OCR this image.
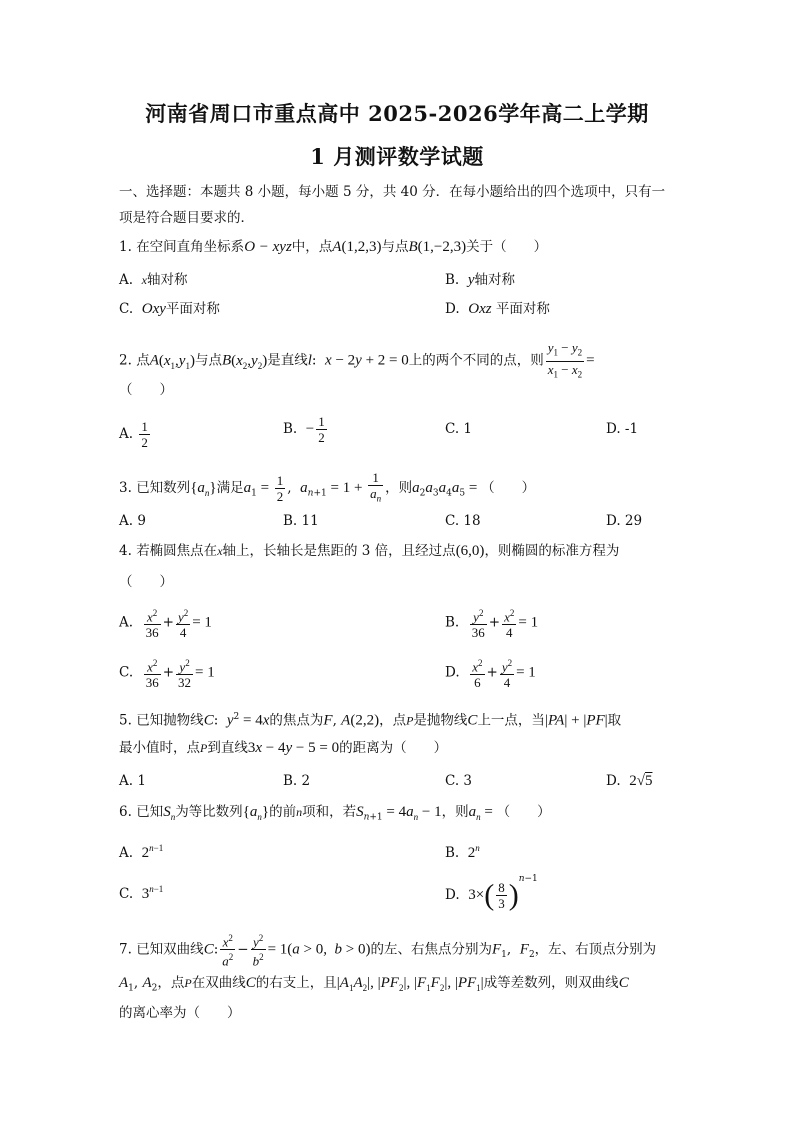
河南省周口市重点高中 2025-2026学年高二上学期
1 月测评数学试题
一、选择题：本题共 8 小题，每小题 5 分，共 40 分．在每小题给出的四个选项中，只有一
项是符合题目要求的．
1. 在空间直角坐标系O − xyz中，点A(1,2,3)与点B(1,−2,3)关于（　　）
A. x轴对称	B. y轴对称
C. Oxy平面对称	D. Oxz 平面对称
2. 点$A(x_1,y_1)$与点$B(x_2,y_2)$是直线l:  x − 2y + 2 = 0上的两个不同的点，则 $\frac{y_1 - y_2}{x_1 - x_2}$ =
（　　）
A. $\frac{1}{2}$	B.  − $\frac{1}{2}$	C. 1	D. -1
3. 已知数列$\{a_n\}$满足$a_1 = \frac{1}{2}$ ,  $a_{n+1} = 1 + \frac{1}{a_n}$ ，则$a_2a_3a_4a_5$ = （　　）
A. 9	B. 11	C. 18	D. 29
4. 若椭圆焦点在x轴上，长轴长是焦距的 3 倍，且经过点(6,0)，则椭圆的标准方程为
（　　）
A. $\frac{x^2}{36} + \frac{y^2}{4} = 1$	B. $\frac{y^2}{36} + \frac{x^2}{4} = 1$
C. $\frac{x^2}{36} + \frac{y^2}{32} = 1$	D. $\frac{x^2}{6} + \frac{y^2}{4} = 1$
5. 已知抛物线C:  $y^2 = 4x$的焦点为F, A(2,2)，点P是抛物线C上一点，当|PA| + |PF|取
最小值时，点P到直线3x − 4y − 5 = 0的距离为（　　）
A. 1	B. 2	C. 3	D. 2√5
6. 已知$S_n$为等比数列$\{a_n\}$的前n项和，若$S_{n+1} = 4a_n - 1$，则$a_n$ = （　　）
A.  $2^{n-1}$	B.  2$^n$
C.  $3^{n-1}$	D.  $3\times( \frac{8}{3} )^{n-1}$
7. 已知双曲线C: $\frac{x^2}{a^2} - \frac{y^2}{b^2} = 1(a > 0$,  b > 0)的左、右焦点分别为$F_1$,  $F_2$，左、右顶点分别为
$A_1$, $A_2$，点P在双曲线C的右支上，且$|A_1A_2|$, $|PF_2|$, $|F_1F_2|$, $|PF_1|$成等差数列，则双曲线C
的离心率为（　　）
